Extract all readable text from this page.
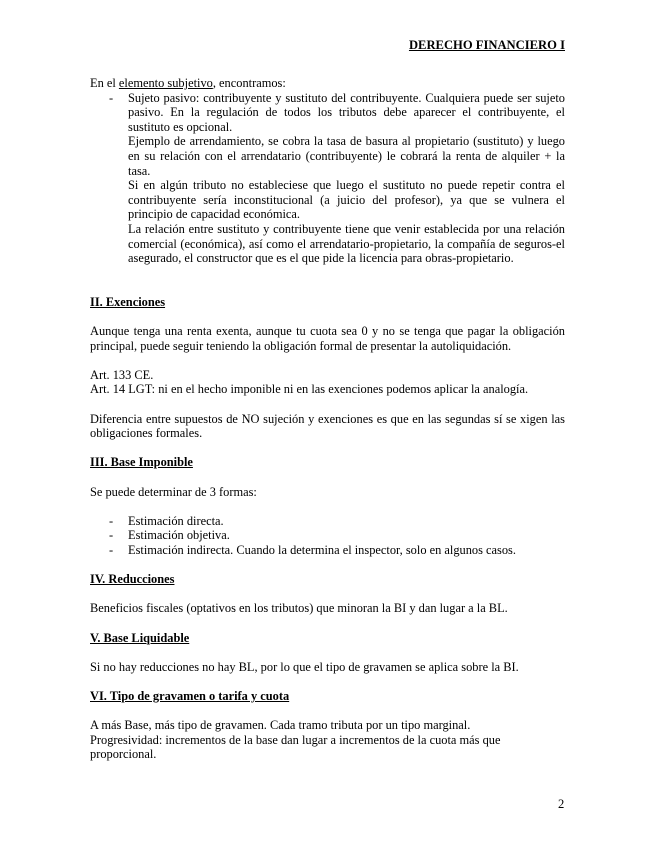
DERECHO FINANCIERO I

En el elemento subjetivo, encontramos:

- Sujeto pasivo: contribuyente y sustituto del contribuyente. Cualquiera puede ser sujeto pasivo. En la regulación de todos los tributos debe aparecer el contribuyente, el sustituto es opcional.

Ejemplo de arrendamiento, se cobra la tasa de basura al propietario (sustituto) y luego en su relación con el arrendatario (contribuyente) le cobrará la renta de alquiler + la tasa.

Si en algún tributo no estableciese que luego el sustituto no puede repetir contra el contribuyente sería inconstitucional (a juicio del profesor), ya que se vulnera el principio de capacidad económica.

La relación entre sustituto y contribuyente tiene que venir establecida por una relación comercial (económica), así como el arrendatario-propietario, la compañía de seguros-el asegurado, el constructor que es el que pide la licencia para obras-propietario.

II. Exenciones

Aunque tenga una renta exenta, aunque tu cuota sea 0 y no se tenga que pagar la obligación principal, puede seguir teniendo la obligación formal de presentar la autoliquidación.

Art. 133 CE.

Art. 14 LGT: ni en el hecho imponible ni en las exenciones podemos aplicar la analogía.

Diferencia entre supuestos de NO sujeción y exenciones es que en las segundas sí se xigen las obligaciones formales.

III. Base Imponible

Se puede determinar de 3 formas:

- Estimación directa.
- Estimación objetiva.
- Estimación indirecta. Cuando la determina el inspector, solo en algunos casos.

IV. Reducciones

Beneficios fiscales (optativos en los tributos) que minoran la BI y dan lugar a la BL.

V. Base Liquidable

Si no hay reducciones no hay BL, por lo que el tipo de gravamen se aplica sobre la BI.

VI. Tipo de gravamen o tarifa y cuota

A más Base, más tipo de gravamen. Cada tramo tributa por un tipo marginal.

Progresividad: incrementos de la base dan lugar a incrementos de la cuota más que proporcional.

2
